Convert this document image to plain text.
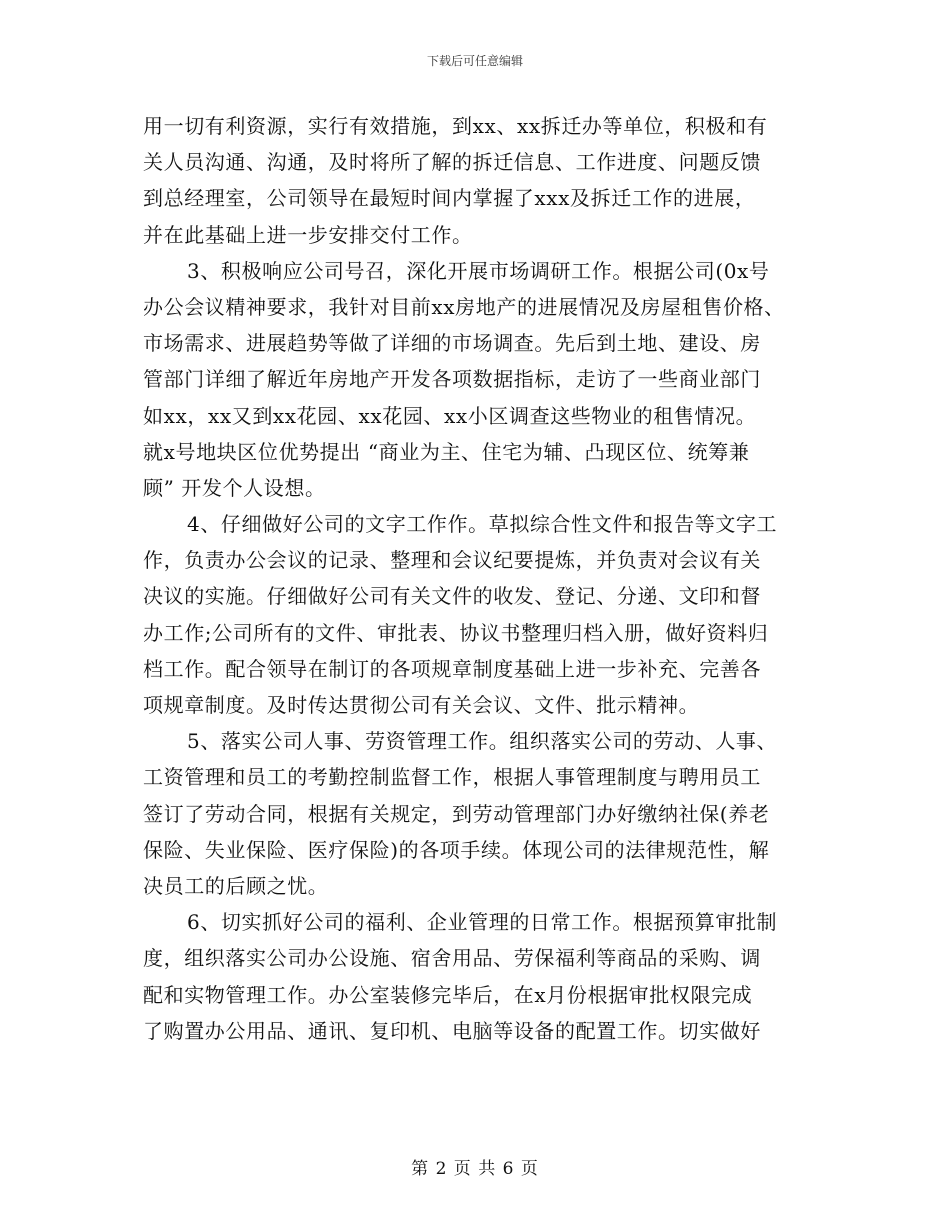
下载后可任意编辑
用一切有利资源，实行有效措施，到xx、xx拆迁办等单位，积极和有
关人员沟通、沟通，及时将所了解的拆迁信息、工作进度、问题反馈
到总经理室，公司领导在最短时间内掌握了xxx及拆迁工作的进展，
并在此基础上进一步安排交付工作。
3、积极响应公司号召，深化开展市场调研工作。根据公司(0x号
办公会议精神要求，我针对目前xx房地产的进展情况及房屋租售价格、
市场需求、进展趋势等做了详细的市场调查。先后到土地、建设、房
管部门详细了解近年房地产开发各项数据指标，走访了一些商业部门
如xx，xx又到xx花园、xx花园、xx小区调查这些物业的租售情况。
就x号地块区位优势提出 “商业为主、住宅为辅、凸现区位、统筹兼
顾” 开发个人设想。
4、仔细做好公司的文字工作作。草拟综合性文件和报告等文字工
作，负责办公会议的记录、整理和会议纪要提炼，并负责对会议有关
决议的实施。仔细做好公司有关文件的收发、登记、分递、文印和督
办工作;公司所有的文件、审批表、协议书整理归档入册，做好资料归
档工作。配合领导在制订的各项规章制度基础上进一步补充、完善各
项规章制度。及时传达贯彻公司有关会议、文件、批示精神。
5、落实公司人事、劳资管理工作。组织落实公司的劳动、人事、
工资管理和员工的考勤控制监督工作，根据人事管理制度与聘用员工
签订了劳动合同，根据有关规定，到劳动管理部门办好缴纳社保(养老
保险、失业保险、医疗保险)的各项手续。体现公司的法律规范性，解
决员工的后顾之忧。
6、切实抓好公司的福利、企业管理的日常工作。根据预算审批制
度，组织落实公司办公设施、宿舍用品、劳保福利等商品的采购、调
配和实物管理工作。办公室装修完毕后，在x月份根据审批权限完成
了购置办公用品、通讯、复印机、电脑等设备的配置工作。切实做好
第 2 页 共 6 页
